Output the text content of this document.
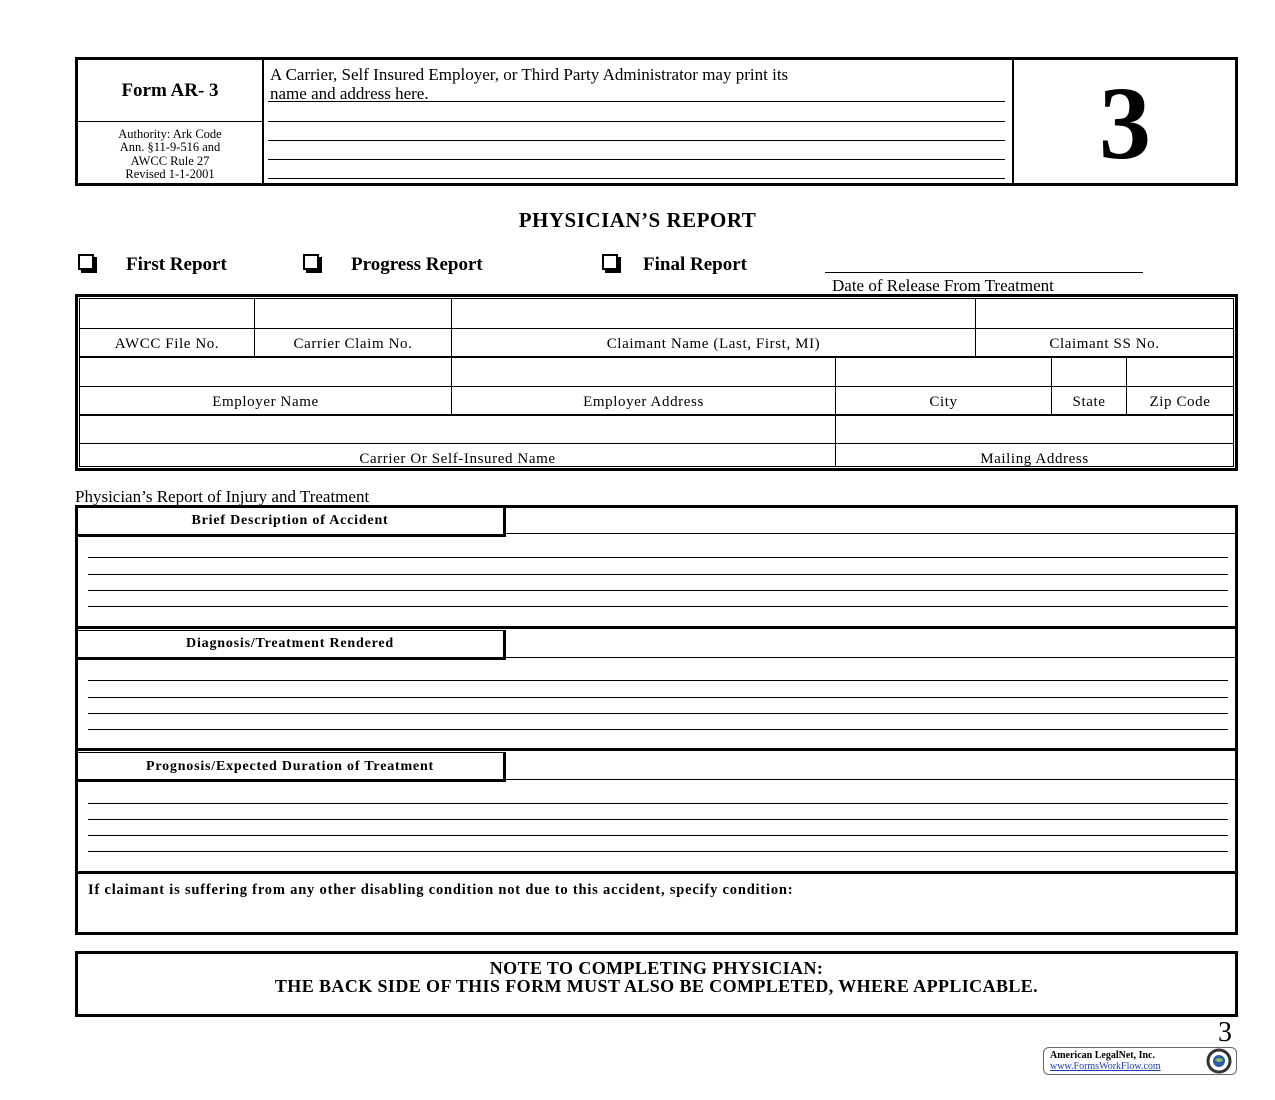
Form AR- 3
Authority: Ark Code
Ann. §11-9-516 and
AWCC Rule 27
Revised 1-1-2001
A Carrier, Self Insured Employer, or Third Party Administrator may print its
name and address here.	3
PHYSICIAN’S REPORT
First Report	Progress Report	Final Report
Date of Release From Treatment
AWCC File No.	Carrier Claim No.	Claimant Name (Last, First, MI)	Claimant SS No.
Employer Name	Employer Address	City	State	Zip Code
Carrier Or Self-Insured Name	Mailing Address
Physician’s Report of Injury and Treatment
Brief Description of Accident
Diagnosis/Treatment Rendered
Prognosis/Expected Duration of Treatment
If claimant is suffering from any other disabling condition not due to this accident, specify condition:
NOTE TO COMPLETING PHYSICIAN:
THE BACK SIDE OF THIS FORM MUST ALSO BE COMPLETED, WHERE APPLICABLE.
3
American LegalNet, Inc.
www.FormsWorkFlow.com
